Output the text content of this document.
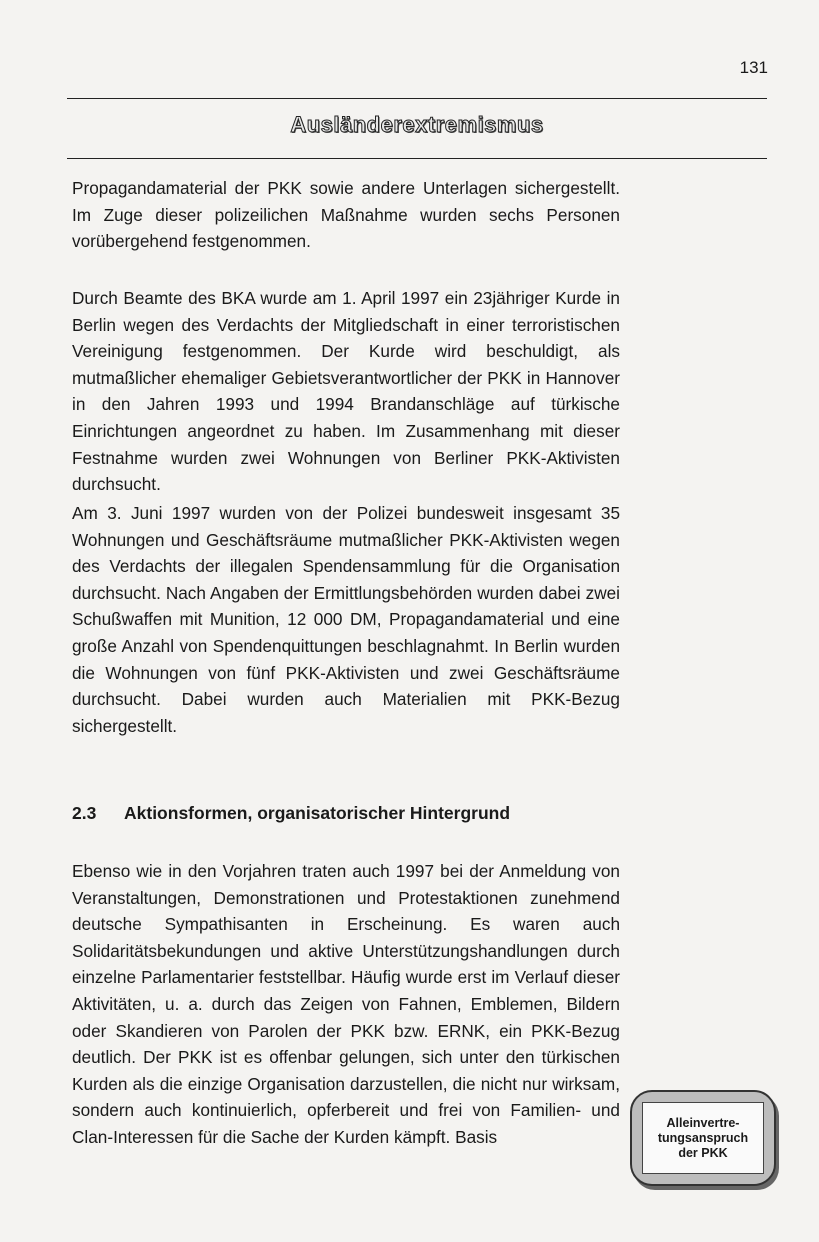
131
Ausländerextremismus

Propagandamaterial der PKK sowie andere Unterlagen sichergestellt. Im Zuge dieser polizeilichen Maßnahme wurden sechs Personen vorübergehend festgenommen.

Durch Beamte des BKA wurde am 1. April 1997 ein 23jähriger Kurde in Berlin wegen des Verdachts der Mitgliedschaft in einer terroristischen Vereinigung festgenommen. Der Kurde wird beschuldigt, als mutmaßlicher ehemaliger Gebietsverantwortlicher der PKK in Hannover in den Jahren 1993 und 1994 Brandanschläge auf türkische Einrichtungen angeordnet zu haben. Im Zusammenhang mit dieser Festnahme wurden zwei Wohnungen von Berliner PKK-Aktivisten durchsucht.

Am 3. Juni 1997 wurden von der Polizei bundesweit insgesamt 35 Wohnungen und Geschäftsräume mutmaßlicher PKK-Aktivisten wegen des Verdachts der illegalen Spendensammlung für die Organisation durchsucht. Nach Angaben der Ermittlungsbehörden wurden dabei zwei Schußwaffen mit Munition, 12 000 DM, Propagandamaterial und eine große Anzahl von Spendenquittungen beschlagnahmt. In Berlin wurden die Wohnungen von fünf PKK-Aktivisten und zwei Geschäftsräume durchsucht. Dabei wurden auch Materialien mit PKK-Bezug sichergestellt.

2.3 Aktionsformen, organisatorischer Hintergrund

Ebenso wie in den Vorjahren traten auch 1997 bei der Anmeldung von Veranstaltungen, Demonstrationen und Protestaktionen zunehmend deutsche Sympathisanten in Erscheinung. Es waren auch Solidaritätsbekundungen und aktive Unterstützungshandlungen durch einzelne Parlamentarier feststellbar. Häufig wurde erst im Verlauf dieser Aktivitäten, u. a. durch das Zeigen von Fahnen, Emblemen, Bildern oder Skandieren von Parolen der PKK bzw. ERNK, ein PKK-Bezug deutlich. Der PKK ist es offenbar gelungen, sich unter den türkischen Kurden als die einzige Organisation darzustellen, die nicht nur wirksam, sondern auch kontinuierlich, opferbereit und frei von Familien- und Clan-Interessen für die Sache der Kurden kämpft. Basis

Alleinvertre-
tungsanspruch
der PKK
